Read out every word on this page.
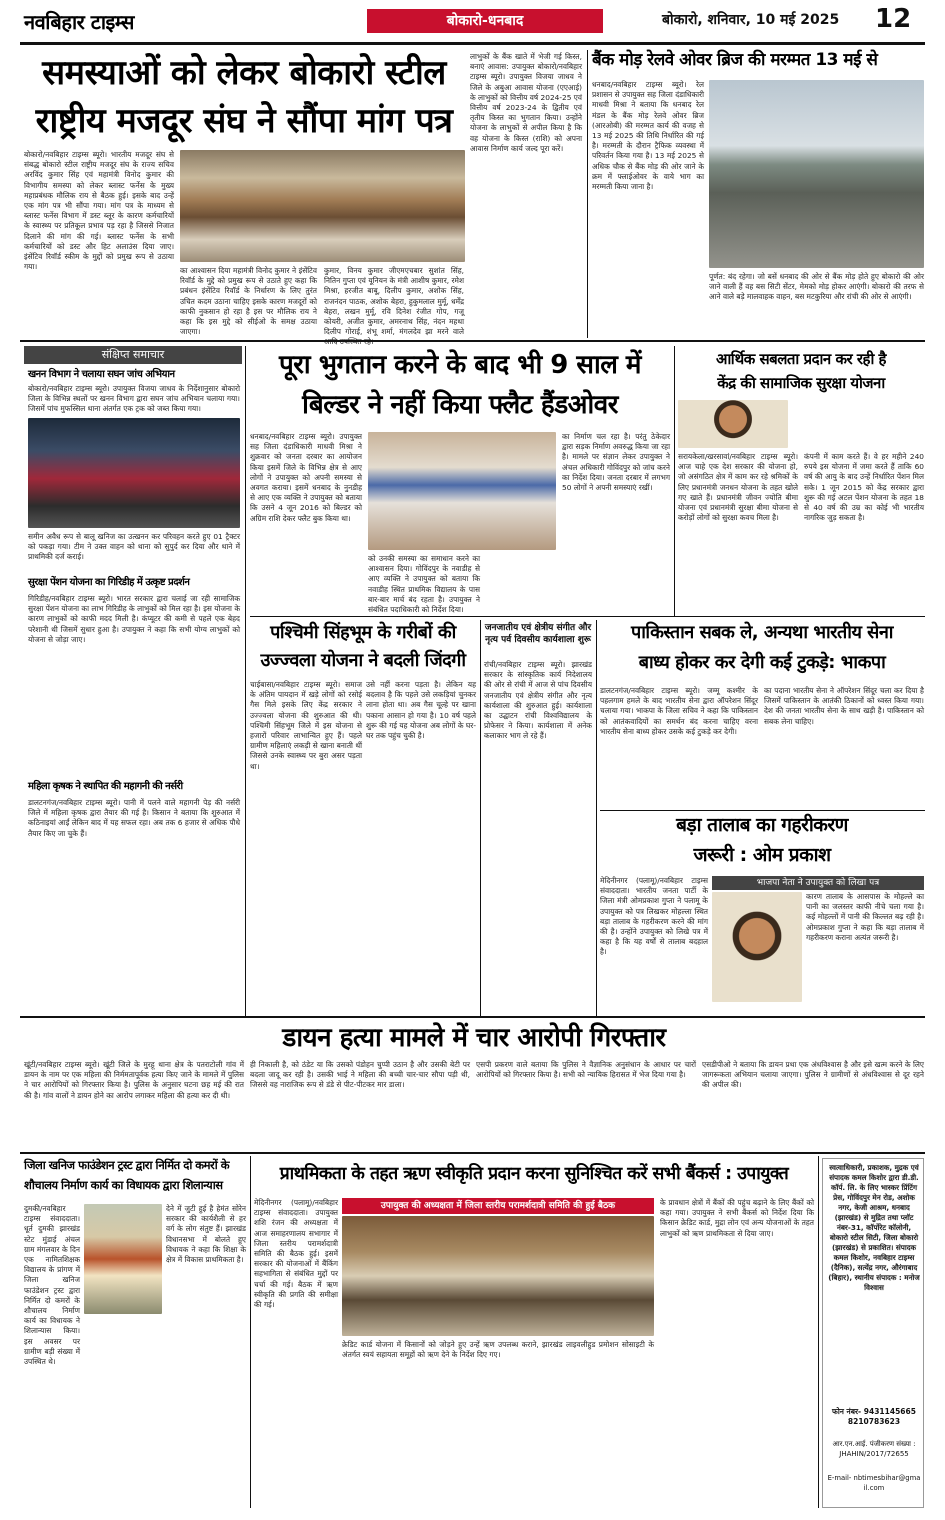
नवबिहार टाइम्स	बोकारो-धनबाद	बोकारो, शनिवार, 10 मई 2025 12
समस्याओं को लेकर बोकारो स्टील
राष्ट्रीय मजदूर संघ ने सौंपा मांग पत्र
बोकारो/नवबिहार टाइम्स ब्यूरो। भारतीय मजदूर संघ से संबद्ध बोकारो स्टील राष्ट्रीय मजदूर संघ के राज्य सचिव अरविंद कुमार सिंह एवं महामंत्री विनोद कुमार की विभागीय समस्या को लेकर ब्लास्ट फर्नेस के मुख्य महाप्रबंधक मौलिक राय से बैठक हुई। इसके बाद उन्हें एक मांग पत्र भी सौंपा गया। मांग पत्र के माध्यम से ब्लास्ट फर्नेस विभाग में डस्ट ब्लूर के कारण कर्मचारियों के स्वास्थ्य पर प्रतिकूल प्रभाव पड़ रहा है जिससे निजात दिलाने की मांग की गई। ब्लास्ट फर्नेस के सभी कर्मचारियों को डस्ट और हिट अलाउंस दिया जाए। इंसेंटिव रिवॉर्ड स्कीम के मुद्दों को प्रमुख रूप से उठाया गया।	का आश्वासन दिया महामंत्री विनोद कुमार ने इंसेंटिव रिवॉर्ड के मुद्दे को प्रमुख रूप से उठाते हुए कहा कि प्रबंधन इंसेंटिव रिवॉर्ड के निर्धारण के लिए तुरंत उचित कदम उठाना चाहिए इसके कारण मजदूरों को काफी नुकसान हो रहा है इस पर मौलिक राय ने कहा कि इस मुद्दे को सीईओ के समक्ष उठाया जाएगा।
कुमार, विनय कुमार जीएमएचबार सुशांत सिंह, नितिन गुप्ता एवं यूनियन के मंत्री आशीष कुमार, रमेश मिश्रा, हरजीत बाबू, दिलीप कुमार, अशोक सिंह, राजनंदन पाठक, अशोक बेहरा, हुकुमलाल मुर्मू, धर्मेंद्र बेहरा, लखन मुर्मू, रवि दिनेश रंजीत गोप, गजू कोयरी, अजीत कुमार, अमरनाथ सिंह, नंदन महथा दिलीप गोराई, शंभू शर्मा, मंगलदेव झा मरने वाले
लाभुकों के बैंक खाते में भेजी गई किस्त, बनाएं आवास: उपायुक्त बोकारो/नवबिहार टाइम्स ब्यूरो। उपायुक्त विजया जाधव ने जिले के अबुआ आवास योजना (एएआई) के लाभुकों को वित्तीय वर्ष 2024-25 एवं वित्तीय वर्ष 2023-24 के द्वितीय एवं तृतीय किस्त का भुगतान किया। उन्होंने योजना के लाभुकों से अपील किया है कि वह योजना के किस्त (राशि) को अपना आवास निर्माण कार्य जल्द पूरा करें।
बैंक मोड़ रेलवे ओवर ब्रिज की मरम्मत 13 मई से
धनबाद/नवबिहार टाइम्स ब्यूरो। रेल प्रशासन से उपायुक्त सह जिला दंडाधिकारी माधवी मिश्रा ने बताया कि धनबाद रेल मंडल के बैंक मोड़ रेलवे ओवर ब्रिज (आरओबी) की मरम्मत कार्य की वजह से 13 मई 2025 की तिथि निर्धारित की गई है। मरम्मती के दौरान ट्रैफिक व्यवस्था में परिवर्तन किया गया है। 13 मई 2025 से अधिक चौक से बैंक मोड़ की ओर जाने के क्रम में फ्लाईओवर के वाये भाग का मरम्मती किया जाना है।
पूर्णत: बंद रहेगा। जो बसें धनबाद की ओर से बैंक मोड़ होते हुए बोकारो की ओर जाने वाली हैं वह बस सिटी सेंटर, मेमको मोड़ होकर आएंगी। बोकारो की तरफ से आने वाले बड़े मालवाहक वाहन, बस मटकुरिया और रांची की ओर से आएंगी।
संक्षिप्त समाचार
खनन विभाग ने चलाया सघन जांच अभियान
बोकारो/नवबिहार टाइम्स ब्यूरो। उपायुक्त विजया जाधव के निर्देशानुसार बोकारो जिला के विभिन्न स्थलों पर खनन विभाग द्वारा सघन जांच अभियान चलाया गया। जिसमें पांच मुफस्सिल थाना अंतर्गत एक ट्रक को जब्त किया गया।
समीन अवैध रूप से बालू खनिज का उत्खनन कर परिवहन करते हुए 01 ट्रैक्टर को पकड़ा गया। टीम ने उक्त वाहन को थाना को सुपुर्द कर दिया और थाने में प्राथमिकी दर्ज कराई।
सुरक्षा पेंशन योजना का गिरिडीह में उत्कृष्ट प्रदर्शन
गिरिडीह/नवबिहार टाइम्स ब्यूरो। भारत सरकार द्वारा चलाई जा रही सामाजिक सुरक्षा पेंशन योजना का लाभ गिरिडीह के लाभुकों को मिल रहा है। इस योजना के कारण लाभुकों को काफी मदद मिली है। कंप्यूटर की कमी से पहले एक बेहद परेशानी थी जिसमें सुधार हुआ है। उपायुक्त ने कहा कि सभी योग्य लाभुकों को योजना से जोड़ा जाए।
महिला कृषक ने स्थापित की महागनी की नर्सरी
डालटनगंज/नवबिहार टाइम्स ब्यूरो। पानी में पलने वाले महागनी पेड़ की नर्सरी जिले में महिला कृषक द्वारा तैयार की गई है। किसान ने बताया कि शुरुआत में कठिनाइयां आईं लेकिन बाद में यह सफल रहा। अब तक 6 हजार से अधिक पौधे तैयार किए जा चुके हैं।
पूरा भुगतान करने के बाद भी 9 साल में
बिल्डर ने नहीं किया फ्लैट हैंडओवर
धनबाद/नवबिहार टाइम्स ब्यूरो। उपायुक्त सह जिला दंडाधिकारी माधवी मिश्रा ने शुक्रवार को जनता दरबार का आयोजन किया इसमें जिले के विभिन्न क्षेत्र से आए लोगों ने उपायुक्त को अपनी समस्या से अवगत कराया। इसमें धनबाद के नुनडीह से आए एक व्यक्ति ने उपायुक्त को बताया कि उसने 4 जून 2016 को बिल्डर को अग्रिम राशि देकर फ्लैट बुक किया था।
को उनकी समस्या का समाधान करने का आश्वासन दिया। गोविंदपुर के नवाडीह से आए व्यक्ति ने उपायुक्त को बताया कि नवाडीह स्थित प्राथमिक विद्यालय के पास बार-बार मार्च बंद रहता है। उपायुक्त ने संबंधित पदाधिकारी को निर्देश दिया।
का निर्माण चल रहा है। परंतु ठेकेदार द्वारा सड़क निर्माण अवरुद्ध किया जा रहा है। मामले पर संज्ञान लेकर उपायुक्त ने अंचल अधिकारी गोविंदपुर को जांच करने का निर्देश दिया। जनता दरबार में लगभग 50 लोगों ने अपनी समस्याएं रखीं।
आर्थिक सबलता प्रदान कर रही है
केंद्र की सामाजिक सुरक्षा योजना
सरायकेला/खरसावां/नवबिहार टाइम्स ब्यूरो। आज चाहे एक देश सरकार की योजना हो, जो असंगठित क्षेत्र में काम कर रहे श्रमिकों के लिए प्रधानमंत्री जनधन योजना के तहत खोले गए खाते हैं। प्रधानमंत्री जीवन ज्योति बीमा योजना एवं प्रधानमंत्री सुरक्षा बीमा योजना से करोड़ों लोगों को सुरक्षा कवच मिला है।
कंपनी में काम करते हैं। वे हर महीने 240 रुपये इस योजना में जमा करते हैं ताकि 60 वर्ष की आयु के बाद उन्हें निर्धारित पेंशन मिल सके। 1 जून 2015 को केंद्र सरकार द्वारा शुरू की गई अटल पेंशन योजना के तहत 18 से 40 वर्ष की उम्र का कोई भी भारतीय नागरिक जुड़ सकता है।
पश्चिमी सिंहभूम के गरीबों की
उज्ज्वला योजना ने बदली जिंदगी
चाईबासा/नवबिहार टाइम्स ब्यूरो। समाज के अंतिम पायदान में खड़े लोगों को रसोई गैस मिले इसके लिए केंद्र सरकार ने उज्ज्वला योजना की शुरुआत की थी। पश्चिमी सिंहभूम जिले में इस योजना से हजारों परिवार लाभान्वित हुए हैं। पहले ग्रामीण महिलाएं लकड़ी से खाना बनाती थीं जिससे उनके स्वास्थ्य पर बुरा असर पड़ता था।
उसे नहीं करना पड़ता है। लेकिन यह बदलाव है कि पहले उसे लकड़ियां चुनकर लाना होता था। अब गैस चूल्हे पर खाना पकाना आसान हो गया है। 10 वर्ष पहले शुरू की गई यह योजना अब लोगों के घर-घर तक पहुंच चुकी है।
जनजातीय एवं क्षेत्रीय संगीत और नृत्य पर्व दिवसीय कार्यशाला शुरू
रांची/नवबिहार टाइम्स ब्यूरो। झारखंड सरकार के सांस्कृतिक कार्य निदेशालय की ओर से रांची में आज से पांच दिवसीय जनजातीय एवं क्षेत्रीय संगीत और नृत्य कार्यशाला की शुरुआत हुई। कार्यशाला का उद्घाटन रांची विश्वविद्यालय के प्रोफेसर ने किया। कार्यशाला में अनेक कलाकार भाग ले रहे हैं।
पाकिस्तान सबक ले, अन्यथा भारतीय सेना
बाध्य होकर कर देगी कई टुकड़े: भाकपा
डालटनगंज/नवबिहार टाइम्स ब्यूरो। जम्मू कश्मीर के पहलगाम हमले के बाद भारतीय सेना द्वारा ऑपरेशन सिंदूर चलाया गया। भाकपा के जिला सचिव ने कहा कि पाकिस्तान को आतंकवादियों का समर्थन बंद करना चाहिए वरना भारतीय सेना बाध्य होकर उसके कई टुकड़े कर देगी।
का पदाना भारतीय सेना ने ऑपरेशन सिंदूर चला कर दिया है जिसमें पाकिस्तान के आतंकी ठिकानों को ध्वस्त किया गया। देश की जनता भारतीय सेना के साथ खड़ी है। पाकिस्तान को सबक लेना चाहिए।
बड़ा तालाब का गहरीकरण
जरूरी : ओम प्रकाश
मेदिनीनगर (पलामू)/नवबिहार टाइम्स संवाददाता। भारतीय जनता पार्टी के जिला मंत्री ओमप्रकाश गुप्ता ने पलामू के उपायुक्त को पत्र लिखकर मोहल्ला स्थित बड़ा तालाब के गहरीकरण करने की मांग की है। उन्होंने उपायुक्त को लिखे पत्र में कहा है कि यह वर्षों से तालाब बदहाल है।
भाजपा नेता ने उपायुक्त को लिखा पत्र
कारण तालाब के आसपास के मोहल्ले का पानी का जलस्तर काफी नीचे चला गया है। कई मोहल्लों में पानी की किल्लत बढ़ रही है। ओमप्रकाश गुप्ता ने कहा कि बड़ा तालाब में गहरीकरण कराना अत्यंत जरूरी है।
डायन हत्या मामले में चार आरोपी गिरफ्तार
खूंटी/नवबिहार टाइम्स ब्यूरो। खूंटी जिले के मुरहू थाना क्षेत्र के पतराटोली गांव में डायन के नाम पर एक महिला की निर्ममतापूर्वक हत्या किए जाने के मामले में पुलिस ने चार आरोपियों को गिरफ्तार किया है। पुलिस के अनुसार घटना छह मई की रात की है। गांव वालों ने डायन होने का आरोप लगाकर महिला की हत्या कर दी थी।
ही निकाली है, को ठंडेट या कि उसको पंडोहन चुप्पी उठान है और उसकी बेटी पर बदला जादू कर रही है। उसकी भाई ने महिला की बच्ची चार-चार सौपा पड़ी थी, जिससे वह नाराजिक रूप से डंडे से पीट-पीटकर मार डाला।
एसपी प्रकरण वाले बताया कि पुलिस ने वैज्ञानिक अनुसंधान के आधार पर चारों आरोपियों को गिरफ्तार किया है। सभी को न्यायिक हिरासत में भेज दिया गया है।
एसडीपीओ ने बताया कि डायन प्रथा एक अंधविश्वास है और इसे खत्म करने के लिए जागरूकता अभियान चलाया जाएगा। पुलिस ने ग्रामीणों से अंधविश्वास से दूर रहने की अपील की।
जिला खनिज फाउंडेशन ट्रस्ट द्वारा निर्मित दो कमरों के
शौचालय निर्माण कार्य का विधायक द्वारा शिलान्यास
दुमकी/नवबिहार टाइम्स संवाददाता। धूर्त दुमकी झारखंड स्टेट मुंडाई अंचल ग्राम मंगलवार के दिन एक नामितशिक्षक विद्यालय के प्रांगण में जिला खनिज फाउंडेशन ट्रस्ट द्वारा निर्मित दो कमरों के शौचालय निर्माण कार्य का विधायक ने शिलान्यास किया। इस अवसर पर ग्रामीण बड़ी संख्या में उपस्थित थे।
देने में जुटी हुई है हेमंत सोरेन सरकार की कार्यशैली से हर वर्ग के लोग संतुष्ट हैं। झारखंड विधानसभा में बोलते हुए विधायक ने कहा कि शिक्षा के क्षेत्र में विकास प्राथमिकता है।
प्राथमिकता के तहत ऋण स्वीकृति प्रदान करना सुनिश्चित करें सभी बैंकर्स : उपायुक्त
मेदिनीनगर (पलामू)/नवबिहार टाइम्स संवाददाता। उपायुक्त शशि रंजन की अध्यक्षता में आज समाहरणालय सभागार में जिला स्तरीय परामर्शदात्री समिति की बैठक हुई। इसमें सरकार की योजनाओं में बैंकिंग सहभागिता से संबंधित मुद्दों पर चर्चा की गई। बैठक में ऋण स्वीकृति की प्रगति की समीक्षा की गई।
उपायुक्त की अध्यक्षता में जिला स्तरीय परामर्शदात्री समिति की हुई बैठक	के प्रावधान क्षेत्रों में बैंकों की पहुंच बढ़ाने के लिए बैंकों को कहा गया। उपायुक्त ने सभी बैंकर्स को निर्देश दिया कि किसान क्रेडिट कार्ड, मुद्रा लोन एवं अन्य योजनाओं के तहत लाभुकों को ऋण प्राथमिकता से दिया जाए।
क्रेडिट कार्ड योजना में किसानों को जोड़ने हुए उन्हें ऋण उपलब्ध कराने, झारखंड लाइवलीहुड प्रमोशन सोसाइटी के अंतर्गत स्वयं सहायता समूहों को ऋण देने के निर्देश दिए गए।
स्वत्वाधिकारी, प्रकाशक, मुद्रक एवं संपादक कमल किशोर द्वारा डी.डी. कॉर्प. लि. के लिए भास्कर प्रिंटिंग प्रेस, गोविंदपुर मेन रोड, अशोक नगर, केजी आश्रम, धनबाद (झारखंड) से मुद्रित तथा प्लॉट नंबर-31, कॉर्पोरेट कॉलोनी, बोकारो स्टील सिटी, जिला बोकारो (झारखंड) से प्रकाशित। संपादक कमल किशोर, नवबिहार टाइम्स (दैनिक), सत्येंद्र नगर, औरंगाबाद (बिहार), स्थानीय संपादक : मनोज विश्वास
फोन नंबर- 9431145665 8210783623
आर.एन.आई. पंजीकरण संख्या : JHAHIN/2017/72655
E-mail- nbtimesbihar@gmail.com
